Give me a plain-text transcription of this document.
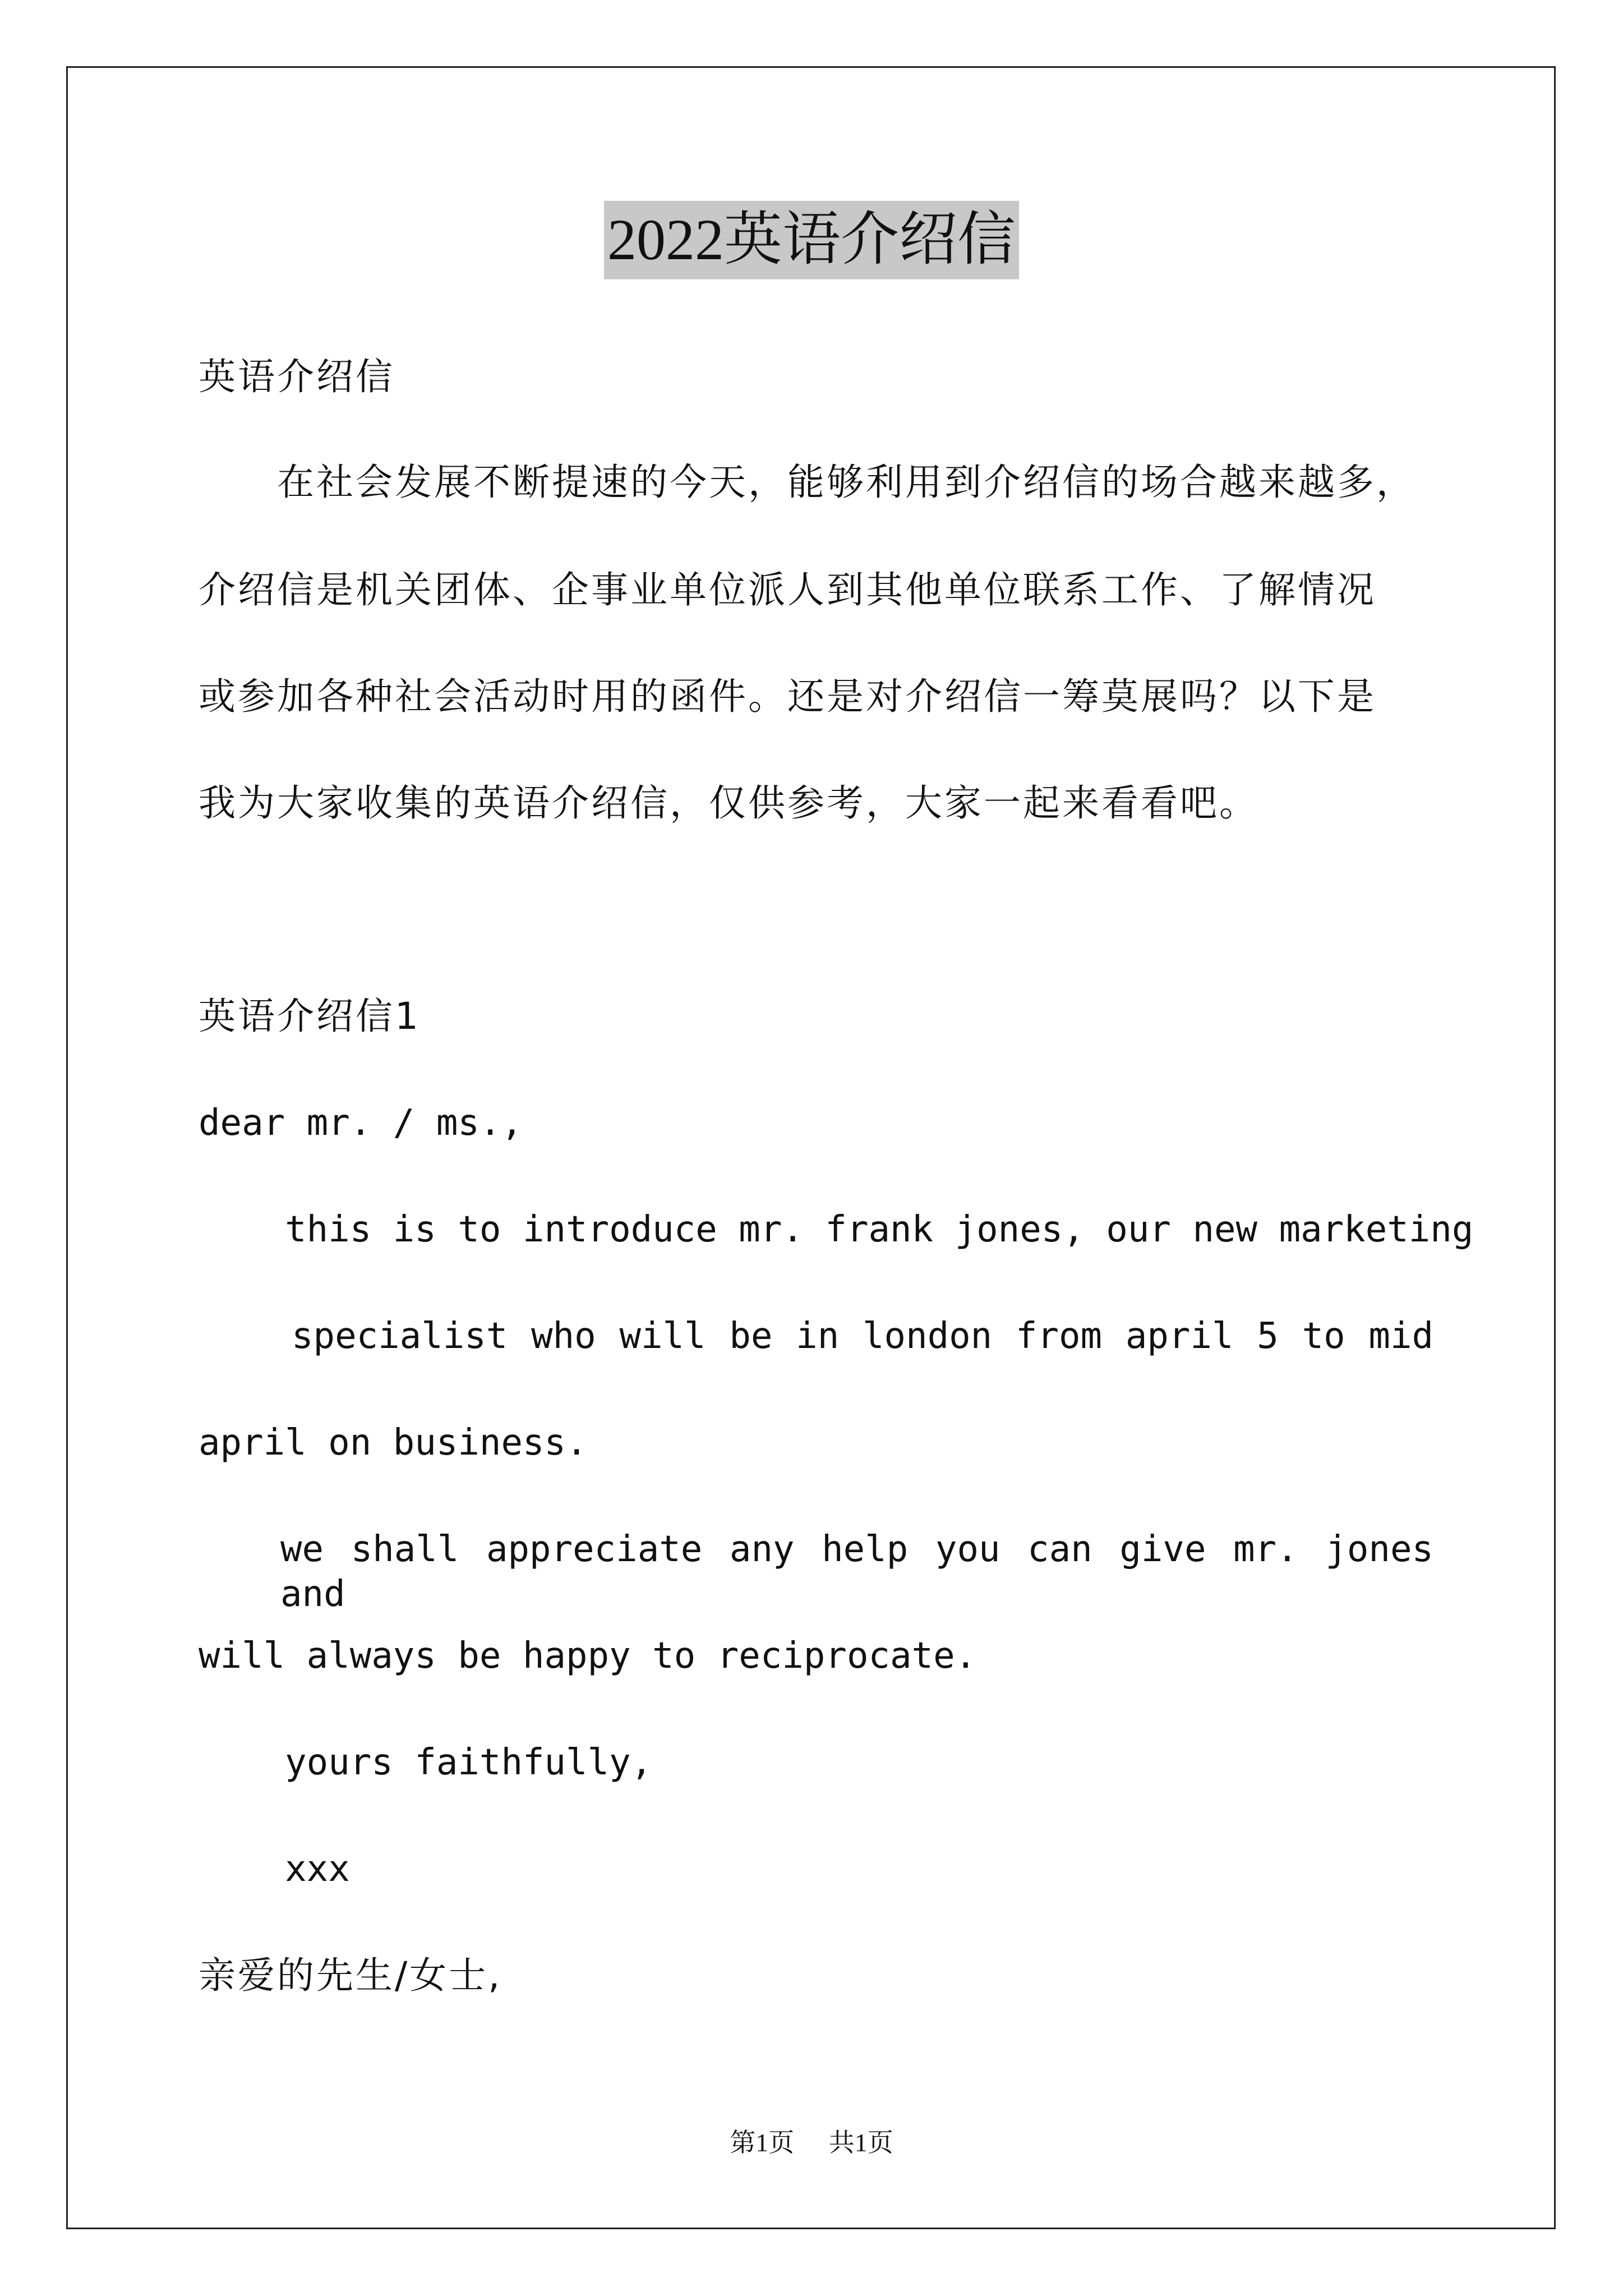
2022英语介绍信
英语介绍信
　　在社会发展不断提速的今天，能够利用到介绍信的场合越来越多，
介绍信是机关团体、企事业单位派人到其他单位联系工作、了解情况
或参加各种社会活动时用的函件。还是对介绍信一筹莫展吗？以下是
我为大家收集的英语介绍信，仅供参考，大家一起来看看吧。
英语介绍信1
dear mr. / ms.,
this is to introduce mr. frank jones, our new marketing
specialist who will be in london from april 5 to mid
april on business.
we shall appreciate any help you can give mr. jones and
will always be happy to reciprocate.
yours faithfully,
xxx
亲爱的先生/女士,
第1页 共1页
